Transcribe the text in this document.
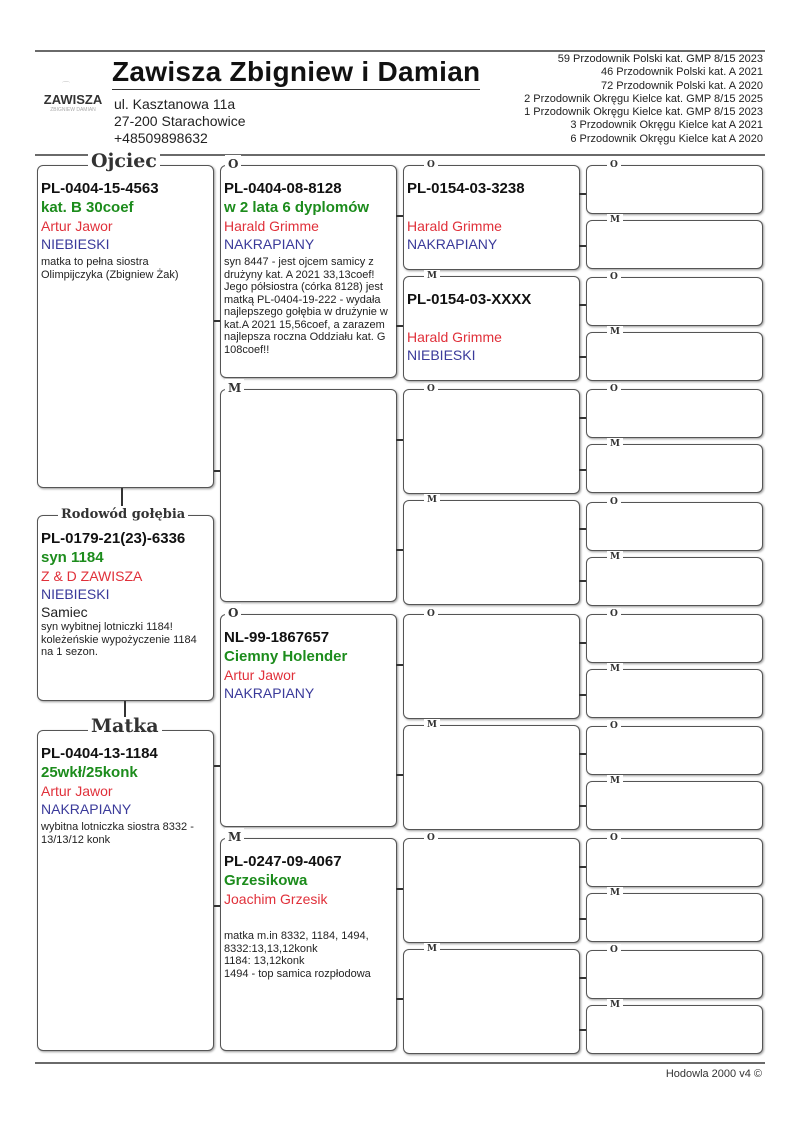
⌒
ZAWISZA
ZBIGNIEW DAMIAN
Zawisza Zbigniew i Damian
ul. Kasztanowa 11a
27-200 Starachowice
+48509898632
59 Przodownik Polski kat. GMP 8/15 2023
46 Przodownik Polski kat. A 2021
72 Przodownik Polski kat. A 2020
2 Przodownik Okręgu Kielce kat. GMP 8/15 2025
1 Przodownik Okręgu Kielce kat. GMP 8/15 2023
3 Przodownik Okręgu Kielce kat A 2021
6 Przodownik Okręgu Kielce kat A 2020
Ojciec
PL-0404-15-4563
kat. B 30coef
Artur Jawor
NIEBIESKI
matka to pełna siostra Olimpijczyka (Zbigniew Żak)
Rodowód gołębia
PL-0179-21(23)-6336
syn 1184
Z & D ZAWISZA
NIEBIESKI
Samiec
syn wybitnej lotniczki 1184! koleżeńskie wypożyczenie 1184 na 1 sezon.
Matka
PL-0404-13-1184
25wkł/25konk
Artur Jawor
NAKRAPIANY
wybitna lotniczka siostra 8332 - 13/13/12 konk
O
PL-0404-08-8128
w 2 lata 6 dyplomów
Harald Grimme
NAKRAPIANY
syn 8447 - jest ojcem samicy z drużyny kat. A 2021 33,13coef! Jego półsiostra (córka 8128) jest matką PL-0404-19-222 - wydała najlepszego gołębia w drużynie w kat.A 2021 15,56coef, a zarazem najlepsza roczna Oddziału kat. G 108coef!!
M
O
NL-99-1867657
Ciemny Holender
Artur Jawor
NAKRAPIANY
M
PL-0247-09-4067
Grzesikowa
Joachim Grzesik
matka m.in 8332, 1184, 1494,
8332:13,13,12konk
1184: 13,12konk
1494 - top samica rozpłodowa
O
PL-0154-03-3238
Harald Grimme
NAKRAPIANY
M
PL-0154-03-XXXX
Harald Grimme
NIEBIESKI
O
M
O
M
O
M
O
M
O
M
O
M
O
M
O
M
O
M
O
M
O
M
Hodowla 2000 v4 ©
